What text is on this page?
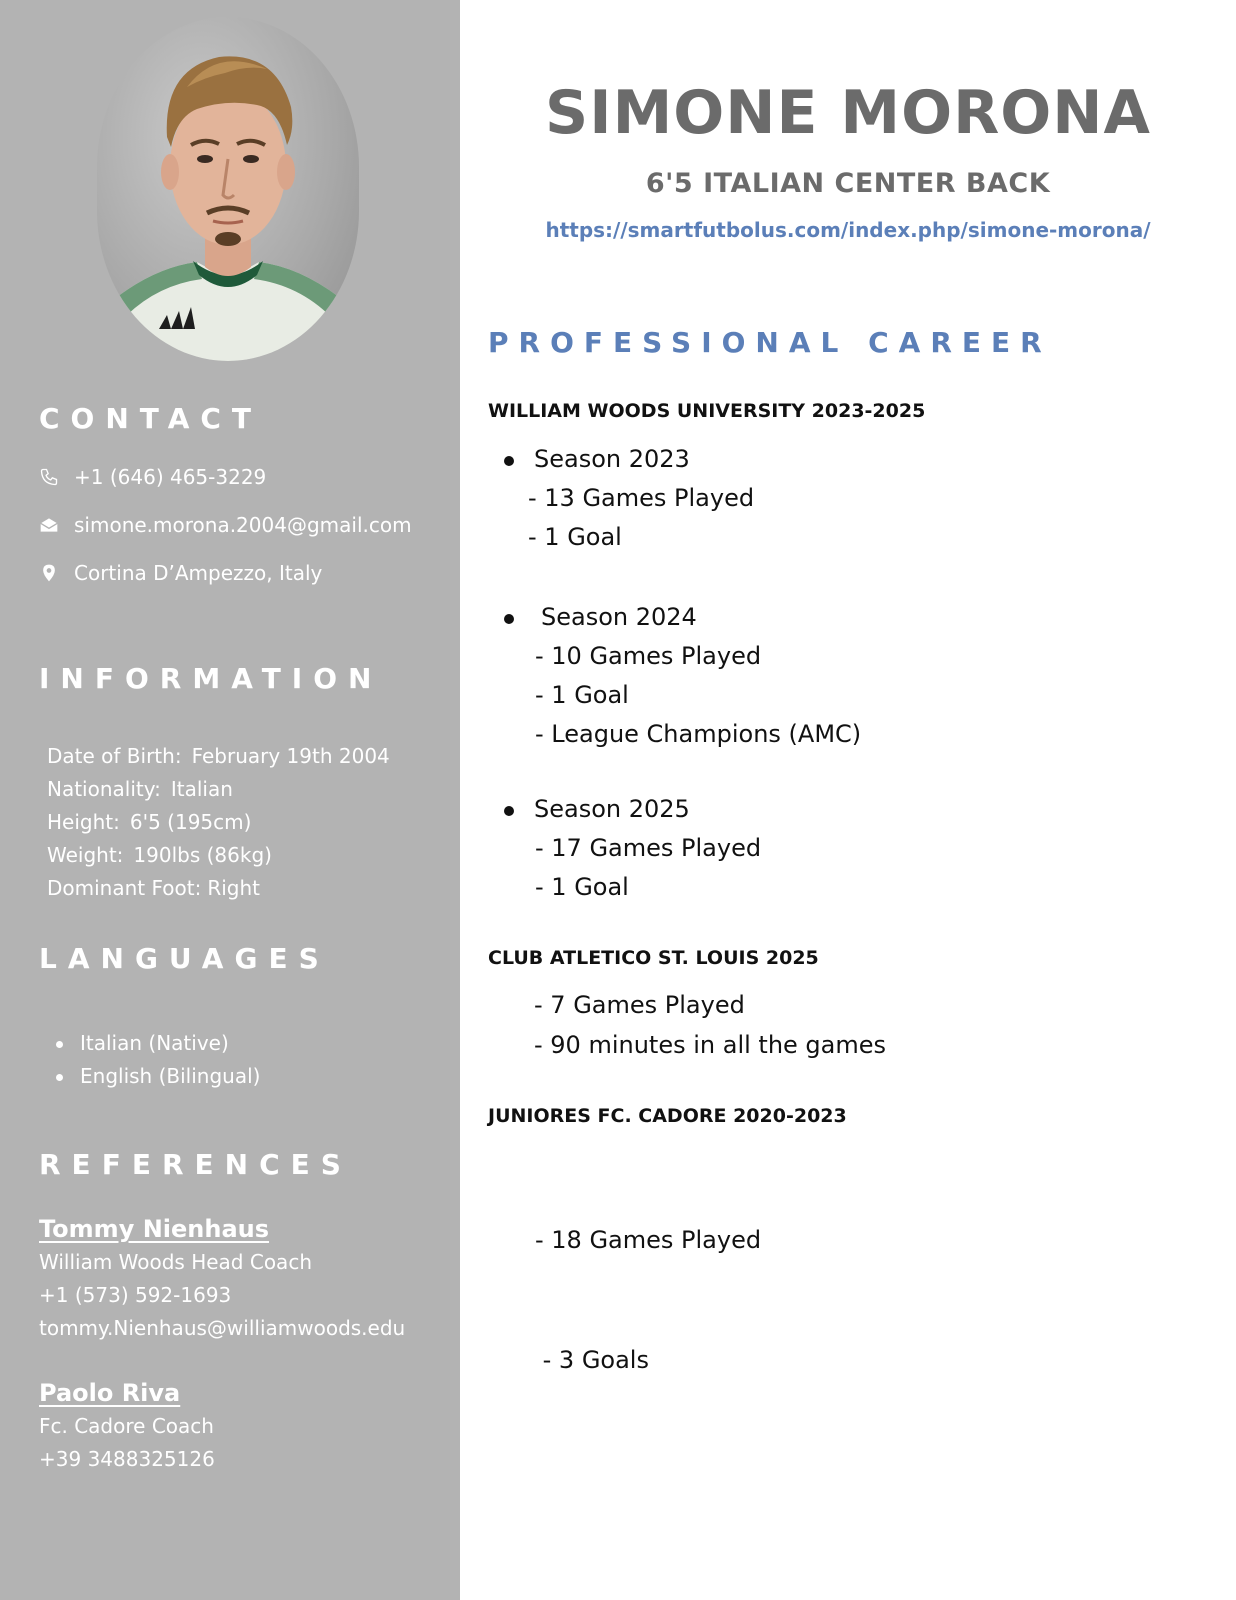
CONTACT
+1 (646) 465-3229
simone.morona.2004@gmail.com
Cortina D’Ampezzo, Italy
INFORMATION
Date of Birth: February 19th 2004
Nationality: Italian
Height: 6'5 (195cm)
Weight: 190lbs (86kg)
Dominant Foot: Right
LANGUAGES
Italian (Native)
English (Bilingual)
REFERENCES
Tommy Nienhaus
William Woods Head Coach
+1 (573) 592-1693
tommy.Nienhaus@williamwoods.edu
Paolo Riva
Fc. Cadore Coach
+39 3488325126
SIMONE MORONA
6'5 ITALIAN CENTER BACK
https://smartfutbolus.com/index.php/simone-morona/
PROFESSIONAL CAREER
WILLIAM WOODS UNIVERSITY 2023-2025
Season 2023
- 13 Games Played
- 1 Goal
Season 2024
- 10 Games Played
- 1 Goal
- League Champions (AMC)
Season 2025
- 17 Games Played
- 1 Goal
CLUB ATLETICO ST. LOUIS 2025
- 7 Games Played
- 90 minutes in all the games
JUNIORES FC. CADORE 2020-2023

- 18 Games Played

- 3 Goals
